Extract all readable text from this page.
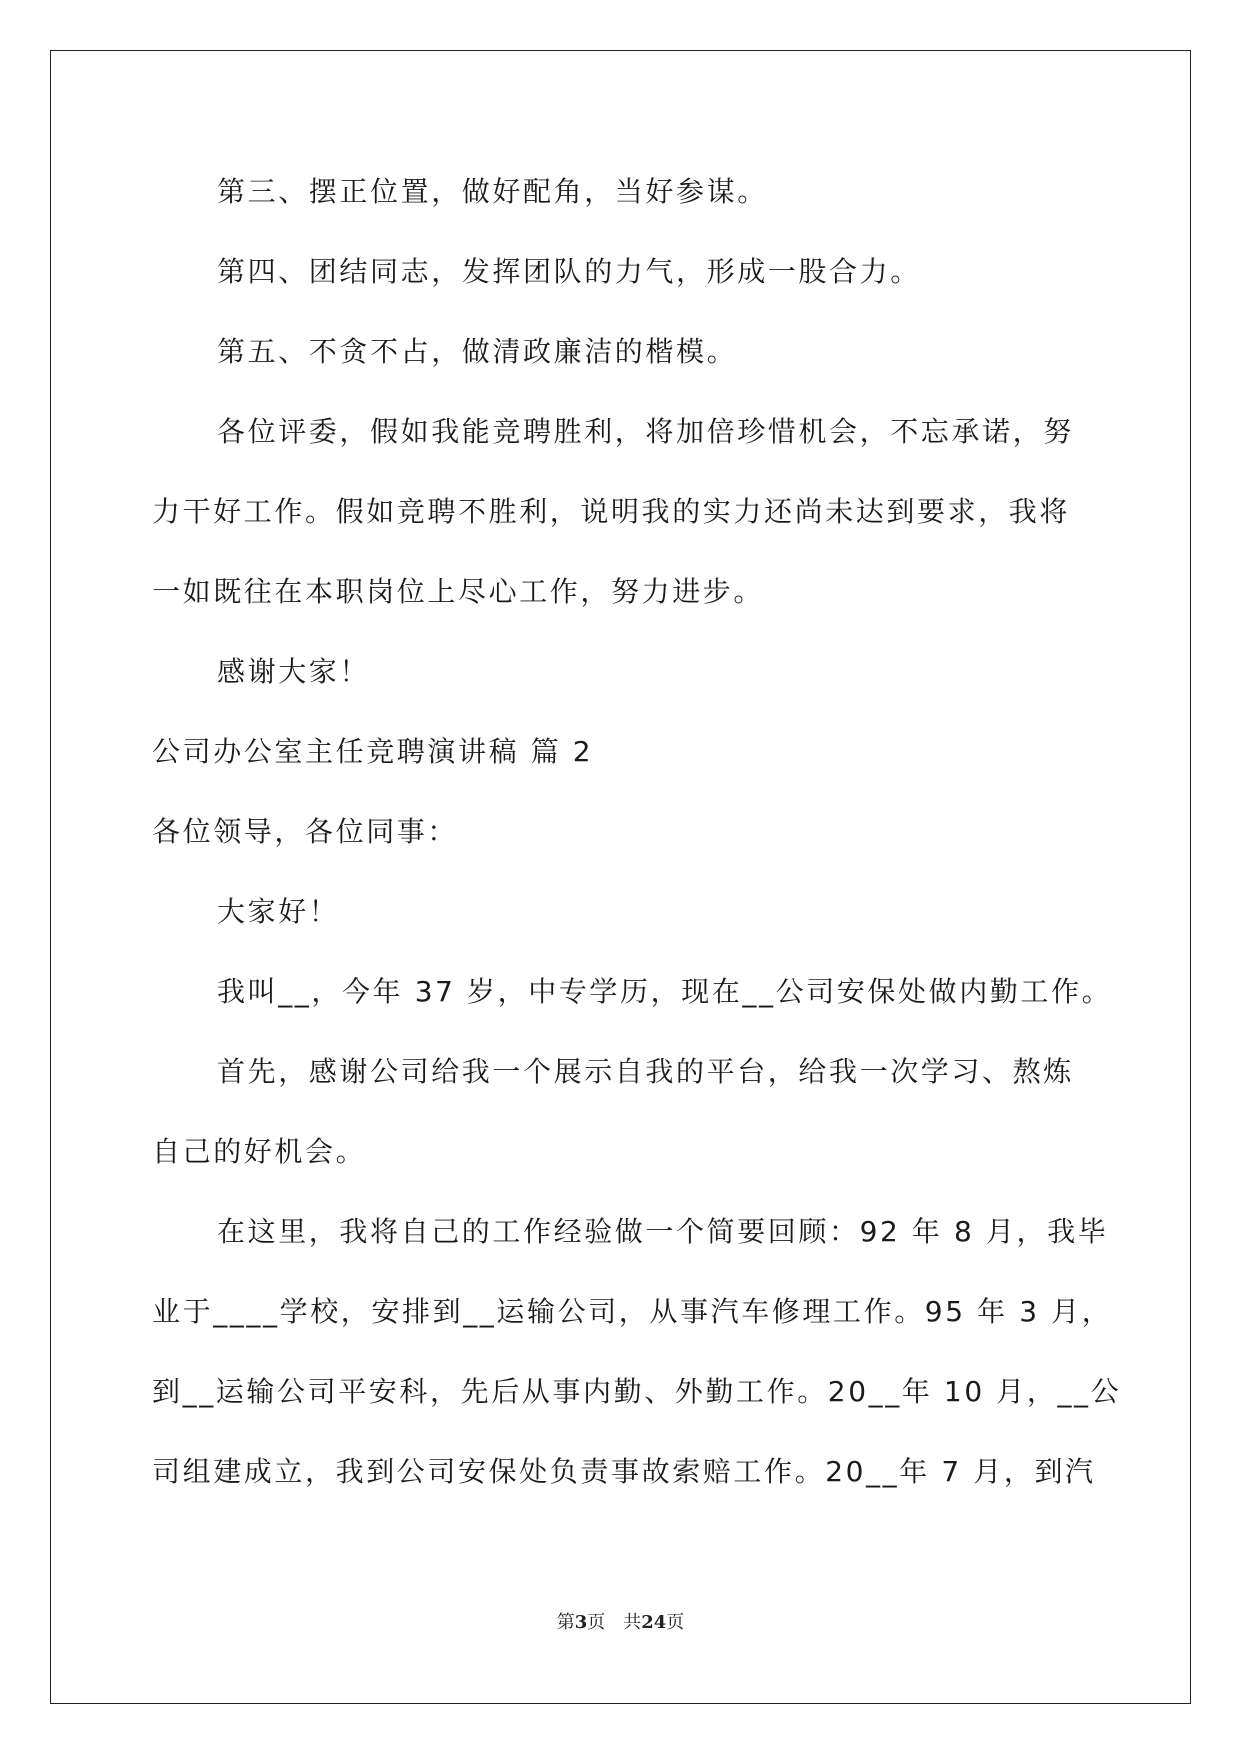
第三、摆正位置，做好配角，当好参谋。
第四、团结同志，发挥团队的力气，形成一股合力。
第五、不贪不占，做清政廉洁的楷模。
各位评委，假如我能竞聘胜利，将加倍珍惜机会，不忘承诺，努
力干好工作。假如竞聘不胜利，说明我的实力还尚未达到要求，我将
一如既往在本职岗位上尽心工作，努力进步。
感谢大家！
公司办公室主任竞聘演讲稿 篇 2
各位领导，各位同事：
大家好！
我叫__，今年 37 岁，中专学历，现在__公司安保处做内勤工作。
首先，感谢公司给我一个展示自我的平台，给我一次学习、熬炼
自己的好机会。
在这里，我将自己的工作经验做一个简要回顾：92 年 8 月，我毕
业于____学校，安排到__运输公司，从事汽车修理工作。95 年 3 月，
到__运输公司平安科，先后从事内勤、外勤工作。20__年 10 月，__公
司组建成立，我到公司安保处负责事故索赔工作。20__年 7 月，到汽
第3页　共24页
